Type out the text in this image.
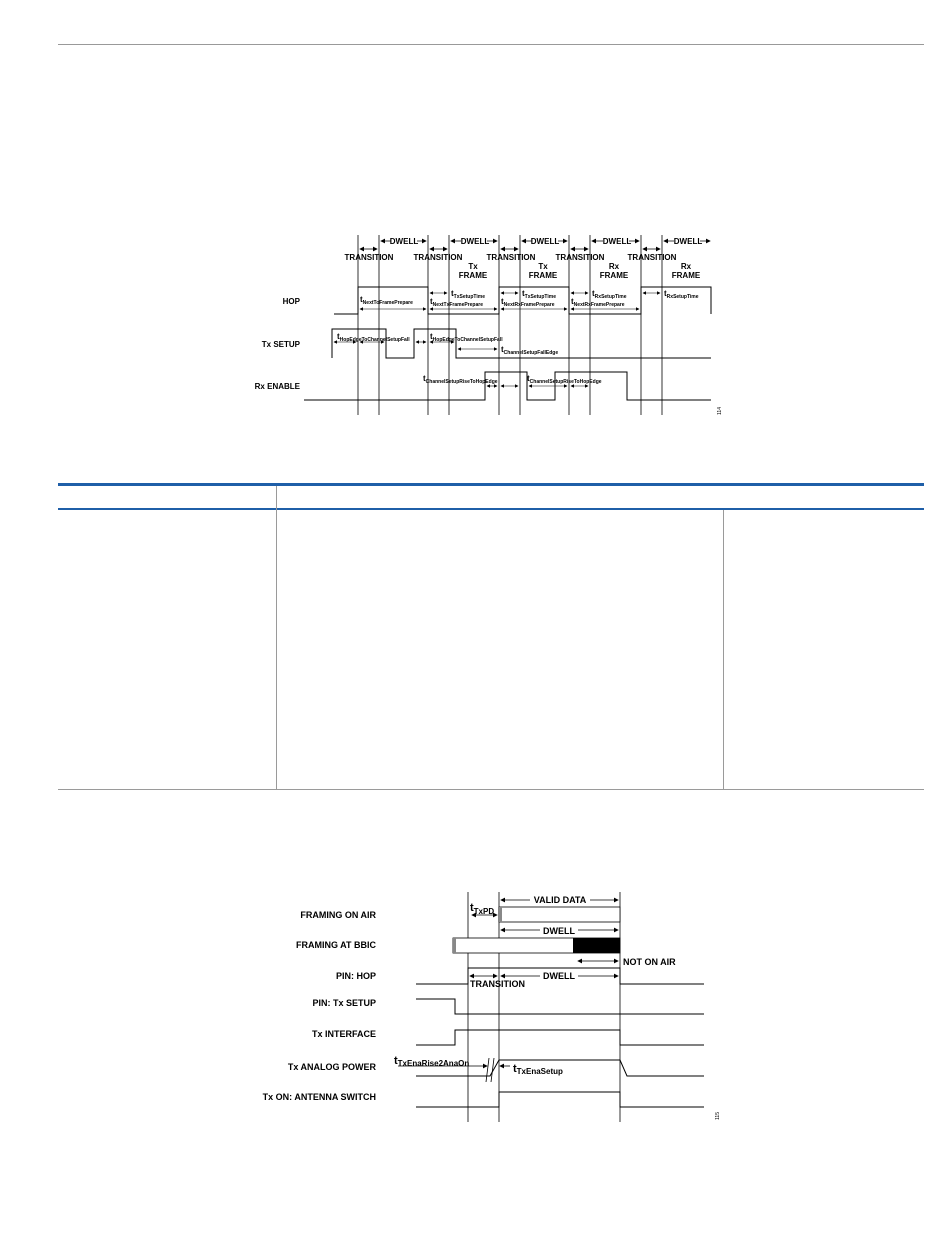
DWELL	DWELL	DWELL	DWELL	DWELL
TRANSITION	TRANSITION	TRANSITION	TRANSITION	TRANSITION
Tx
FRAME
Tx
FRAME
Rx
FRAME
Rx
FRAME
HOP
Tx SETUP
Rx ENABLE
tNextToFramePrepare
tTxSetupTime
tNextTxFramePrepare
tTxSetupTime
tNextRxFramePrepare
tRxSetupTime
tNextRxFramePrepare
tRxSetupTime
tHopEdgeToChannelSetupFall	tHopEdgeToChannelSetupFall
tChannelSetupFallEdge
tChannelSetupRiseToHopEdge	tChannelSetupRiseToHopEdge
114
FRAMING ON AIR
FRAMING AT BBIC
PIN: HOP
PIN: Tx SETUP
Tx INTERFACE
Tx ANALOG POWER
Tx ON: ANTENNA SWITCH
VALID DATA
DWELL
DWELL
NOT ON AIR
TRANSITION
tTxPD
tTxEnaRise2AnaOn	tTxEnaSetup
115
